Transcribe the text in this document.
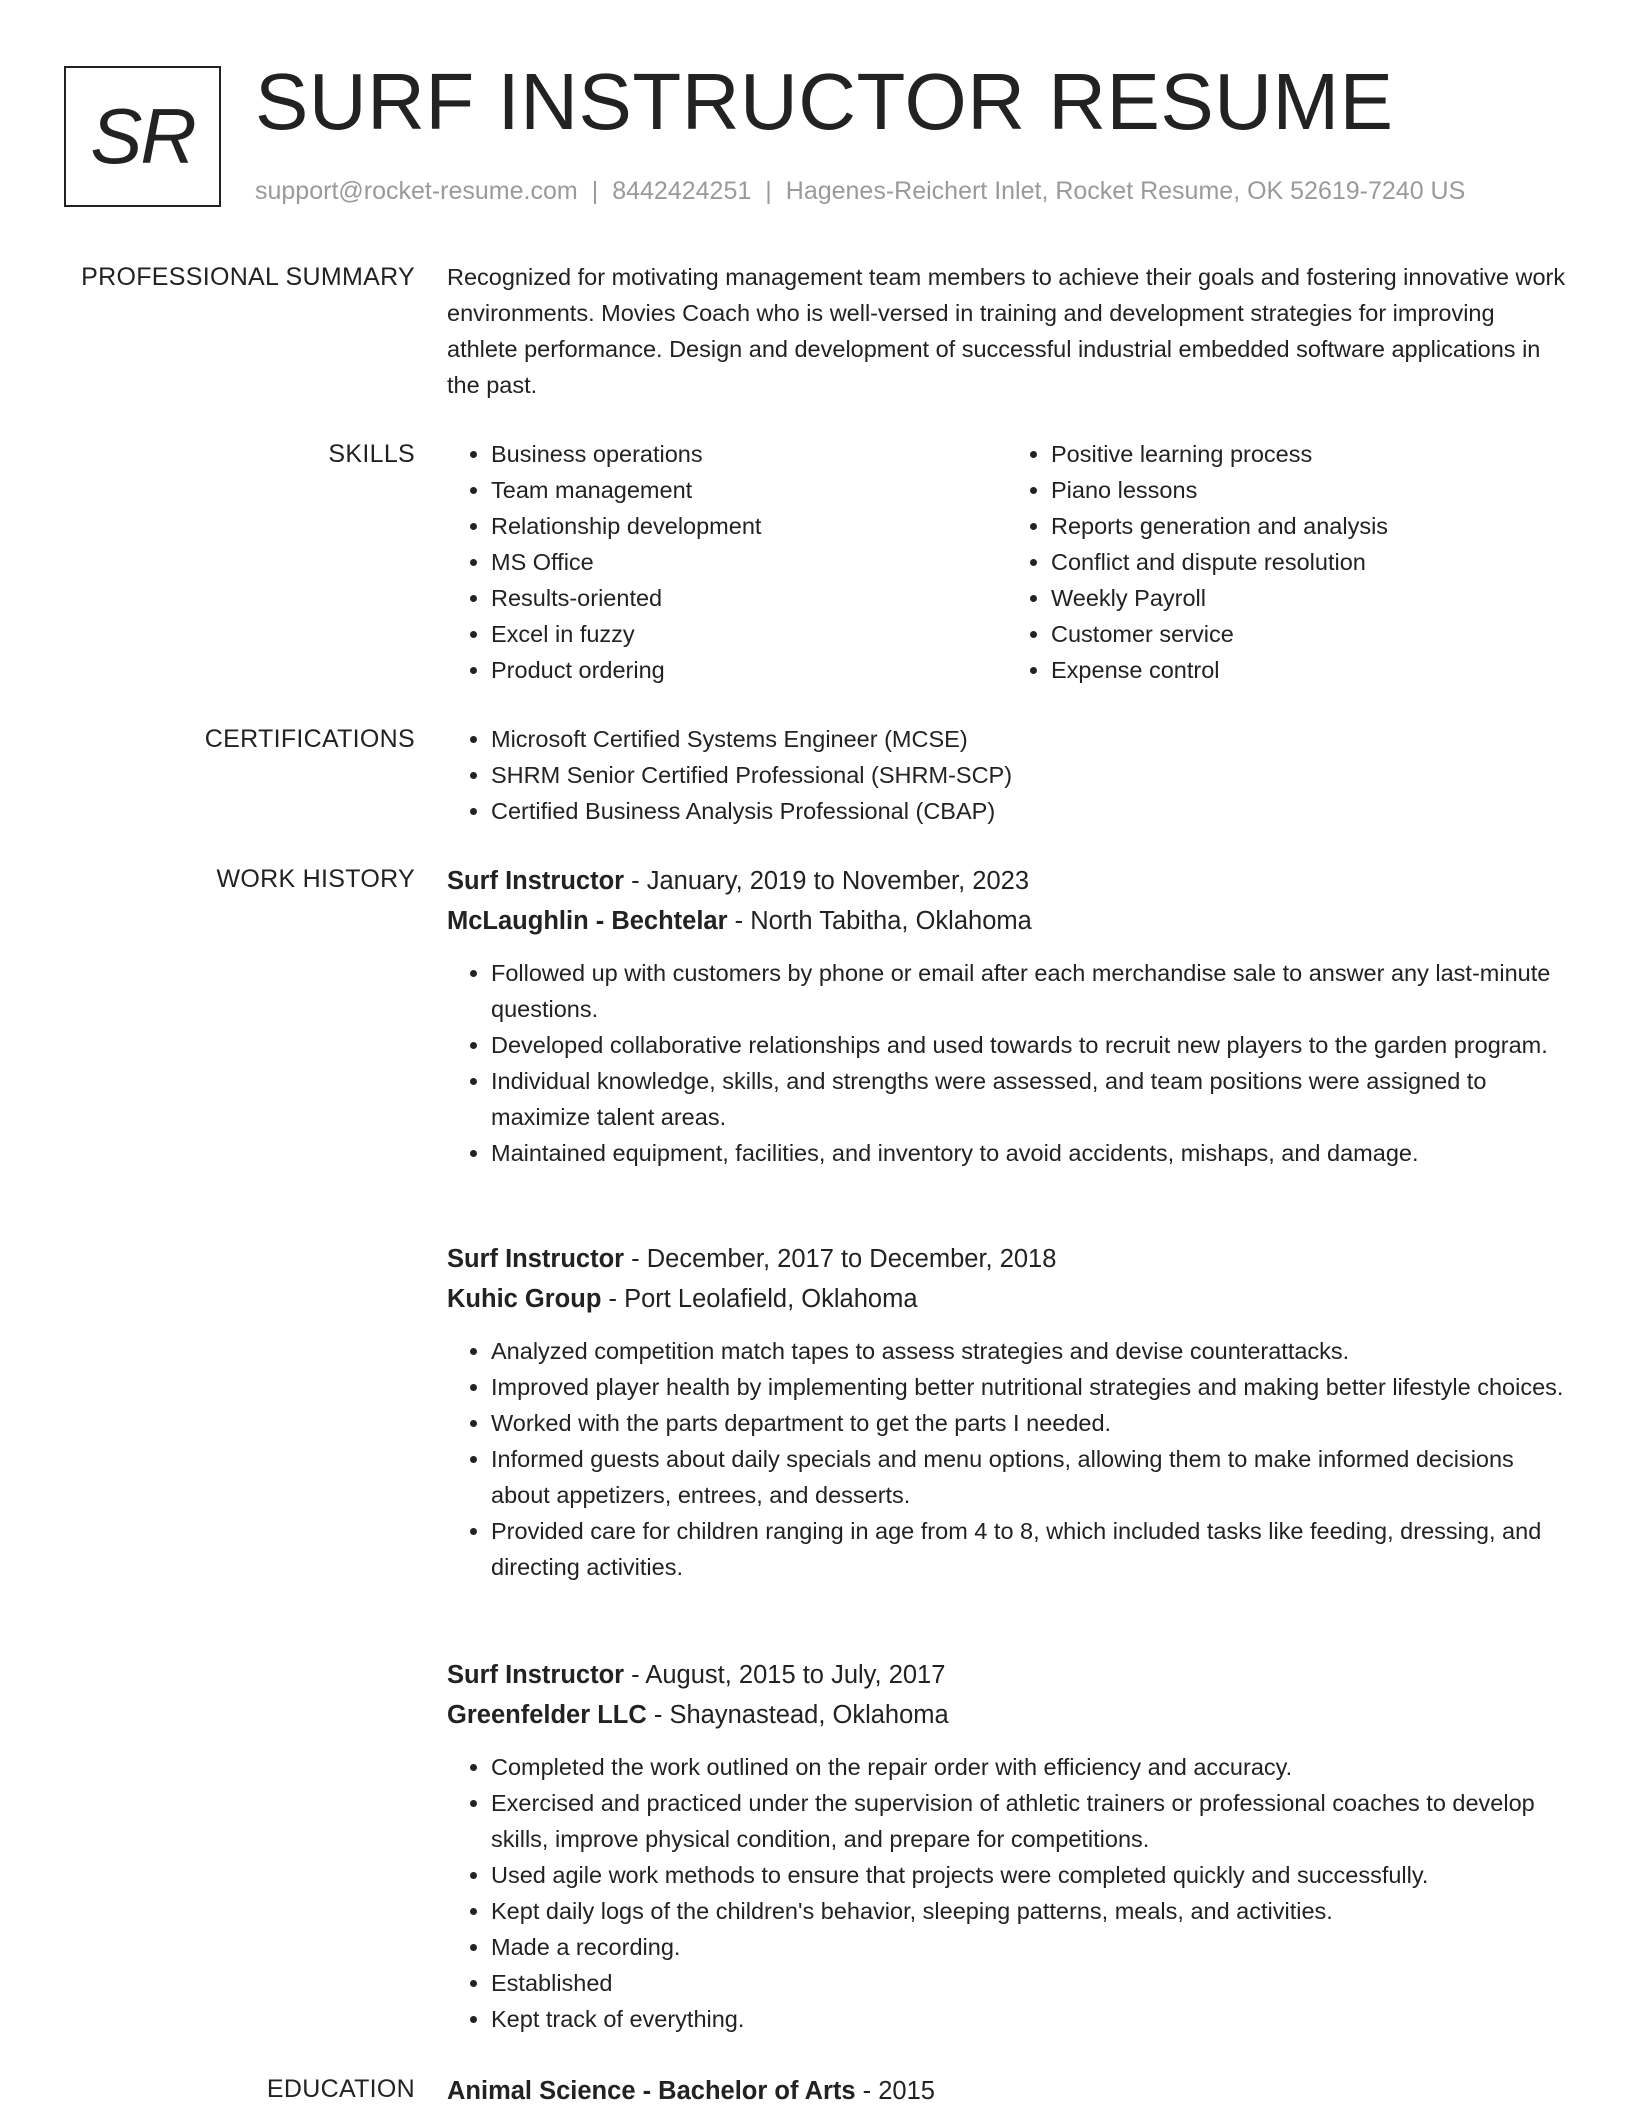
SR SURF INSTRUCTOR RESUME
support@rocket-resume.com | 8442424251 | Hagenes-Reichert Inlet, Rocket Resume, OK 52619-7240 US
PROFESSIONAL SUMMARY Recognized for motivating management team members to achieve their goals and fostering innovative work environments. Movies Coach who is well-versed in training and development strategies for improving athlete performance. Design and development of successful industrial embedded software applications in the past.

SKILLS	• Business operations
• Team management
• Relationship development
• MS Office
• Results-oriented
• Excel in fuzzy
• Product ordering
• Positive learning process
• Piano lessons
• Reports generation and analysis
• Conflict and dispute resolution
• Weekly Payroll
• Customer service
• Expense control
CERTIFICATIONS	• Microsoft Certified Systems Engineer (MCSE)
• SHRM Senior Certified Professional (SHRM-SCP)
• Certified Business Analysis Professional (CBAP)
WORK HISTORY Surf Instructor - January, 2019 to November, 2023
McLaughlin - Bechtelar - North Tabitha, Oklahoma
• Followed up with customers by phone or email after each merchandise sale to answer any last-minute questions.
• Developed collaborative relationships and used towards to recruit new players to the garden program.
• Individual knowledge, skills, and strengths were assessed, and team positions were assigned to maximize talent areas.
• Maintained equipment, facilities, and inventory to avoid accidents, mishaps, and damage.
Surf Instructor - December, 2017 to December, 2018
Kuhic Group - Port Leolafield, Oklahoma
• Analyzed competition match tapes to assess strategies and devise counterattacks.
• Improved player health by implementing better nutritional strategies and making better lifestyle choices.
• Worked with the parts department to get the parts I needed.
• Informed guests about daily specials and menu options, allowing them to make informed decisions about appetizers, entrees, and desserts.
• Provided care for children ranging in age from 4 to 8, which included tasks like feeding, dressing, and directing activities.
Surf Instructor - August, 2015 to July, 2017
Greenfelder LLC - Shaynastead, Oklahoma
• Completed the work outlined on the repair order with efficiency and accuracy.
• Exercised and practiced under the supervision of athletic trainers or professional coaches to develop skills, improve physical condition, and prepare for competitions.
• Used agile work methods to ensure that projects were completed quickly and successfully.
• Kept daily logs of the children's behavior, sleeping patterns, meals, and activities.
• Made a recording.
• Established
• Kept track of everything.
EDUCATION Animal Science - Bachelor of Arts - 2015
